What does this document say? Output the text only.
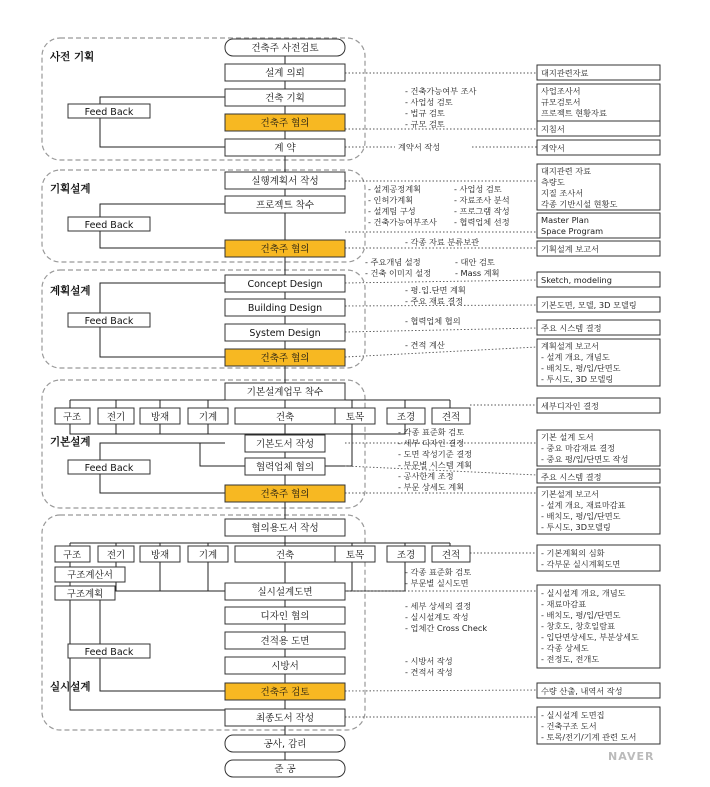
사전 기획
기획설계
계획설계
기본설계
실시설계
건축주 사전검토
설계 의뢰
건축 기획
건축주 협의
계 약
실행계획서 작성
프로젝트 착수
건축주 협의
Concept Design
Building Design
System Design
건축주 협의
기본설계업무 착수
기본도서 작성
협력업체 협의
건축주 협의
협의용도서 작성
실시설계도면
디자인 협의
견적용 도면
시방서
건축주 검토
최종도서 작성
공사, 감리
준 공
Feed Back
Feed Back
Feed Back
Feed Back
Feed Back
구조	전기	방재	기계	건축	토목	조경	견적
구조	전기	방재	기계	건축	토목	조경	견적
구조계산서
구조계획
- 건축가능여부 조사
- 사업성 검토
- 법규 검토
- 규모 검토
계약서 작성
- 설계공정계획
- 인허가계획
- 설계팀 구성
- 건축가능여부조사
- 사업성 검토
- 자료조사 분석
- 프로그램 작성
- 협력업체 선정
- 각종 자료 분류보관
- 주요개념 설정
- 건축 이미지 설정
- 대안 검토
- Mass 계획
- 평.입.단면 계획
- 주요 재료 결정
- 협력업체 협의
- 견적 계산
- 각종 표준화 검토
- 세부 디자인 결정
- 도면 작성기준 결정
- 부문별 시스템 계획
- 공사한계 조정
- 부문 상세도 계획
- 각종 표준화 검토
- 부문별 실시도면
- 세부 상세의 결정
- 실시설계도 작성
- 업체간 Cross Check
- 시방서 작성
- 견적서 작성
대지관련자료
사업조사서
규모검토서
프로젝트 현황자료
지침서
계약서
대지관련 자료
측량도
지질 조사서
각종 기반시설 현황도
Master Plan
Space Program
기획설계 보고서
Sketch, modeling
기본도면, 모델, 3D 모델링
주요 시스템 결정
계획설계 보고서
- 설계 개요, 개념도
- 배치도, 평/입/단면도
- 투시도, 3D 모델링
세부디자인 결정
기본 설계 도서
- 중요 마감재료 결정
- 중요 평/입/단면도 작성
주요 시스템 결정
기본설계 보고서
- 설계 개요, 재료마감표
- 배치도, 평/입/단면도
- 투시도, 3D모델링
- 기본계획의 심화
- 각부문 실시계획도면
- 실시설계 개요, 개념도
- 재료마감표
- 배치도, 평/입/단면도
- 창호도, 창호일람표
- 입단면상세도, 부분상세도
- 각종 상세도
- 전정도, 전개도
수량 산출, 내역서 작성
- 실시설계 도면집
- 건축구조 도서
- 토목/전기/기계 관련 도서
NAVER
